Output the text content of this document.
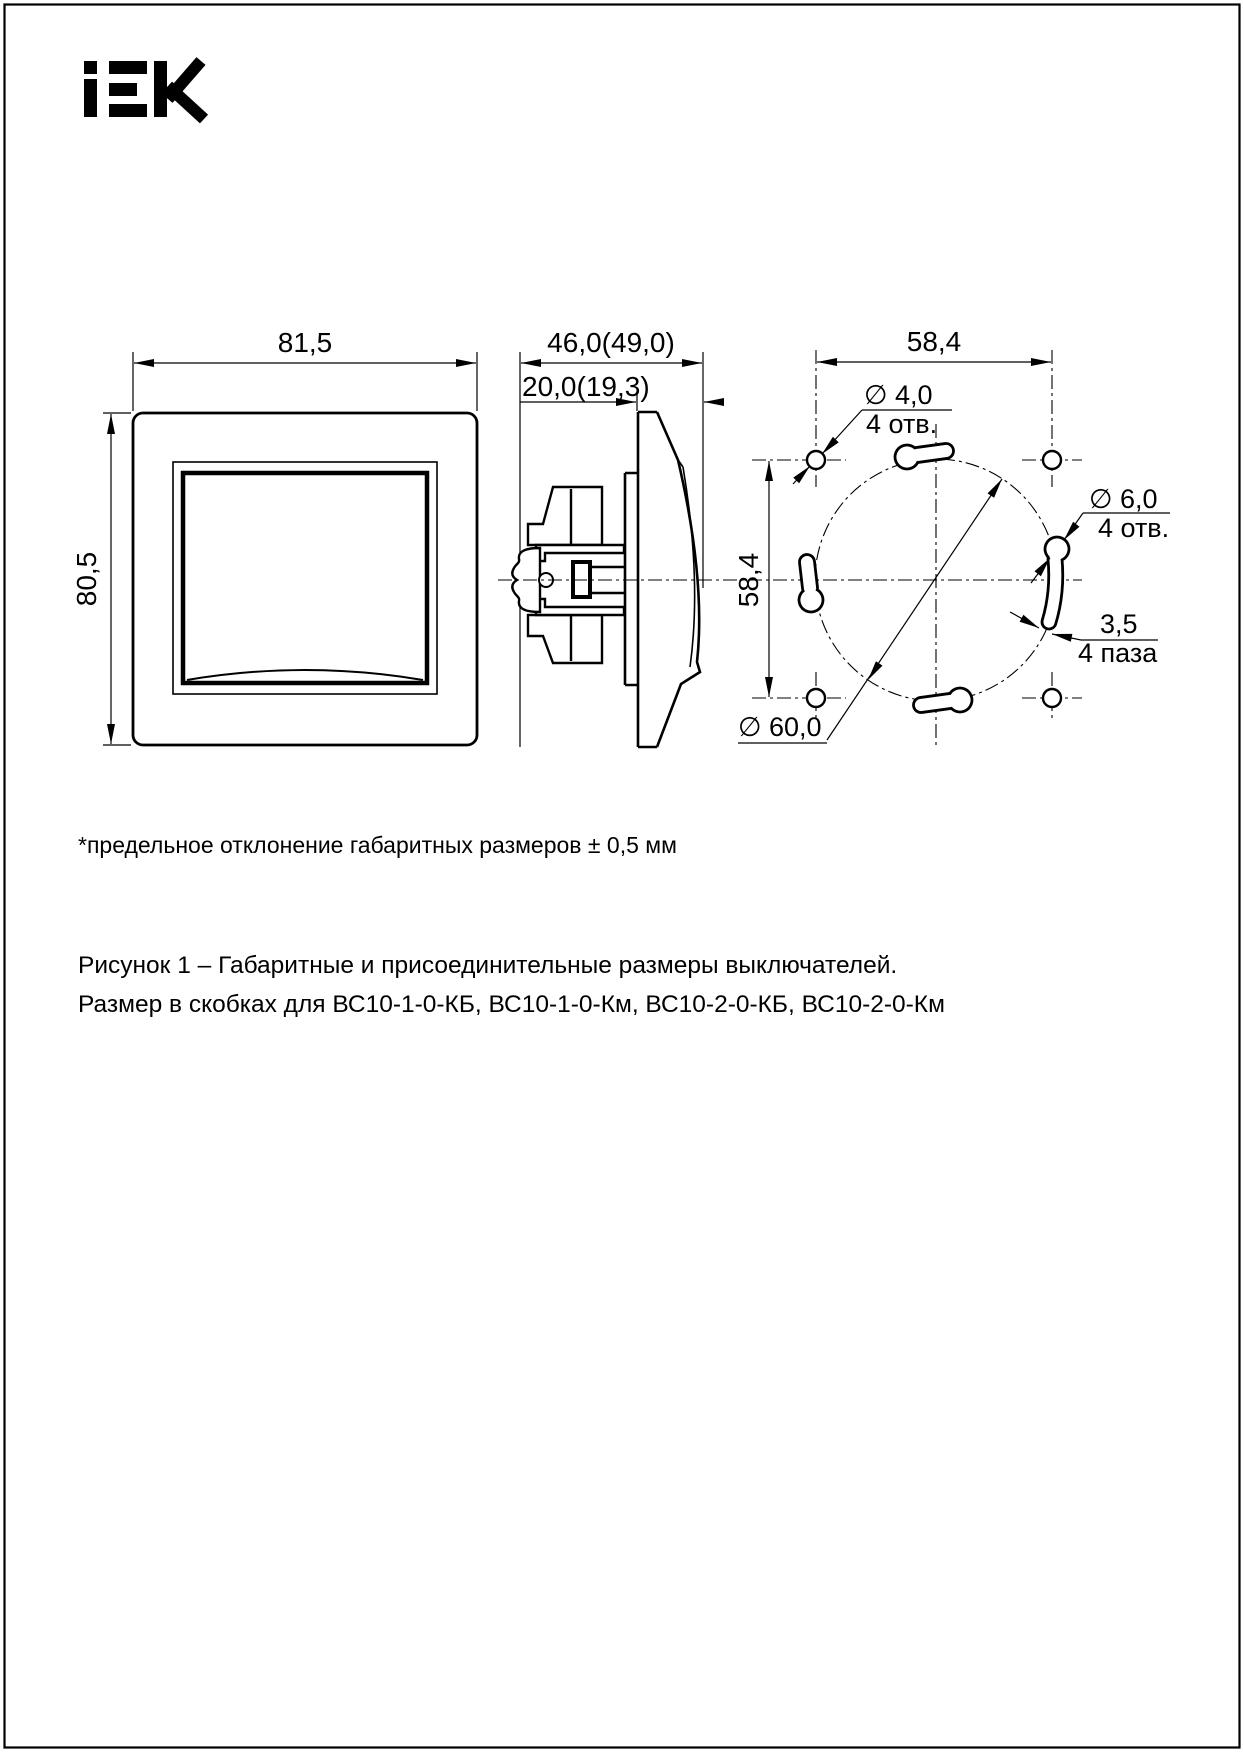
81,5
80,5
46,0(49,0)
20,0(19,3)
58,4
58,4
∅ 4,0
4 отв.
∅ 6,0
4 отв.
3,5
4 паза
∅ 60,0
*предельное отклонение габаритных размеров ± 0,5 мм
Рисунок 1 – Габаритные и присоединительные размеры выключателей.
Размер в скобках для ВС10-1-0-КБ, ВС10-1-0-Км, ВС10-2-0-КБ, ВС10-2-0-Км
